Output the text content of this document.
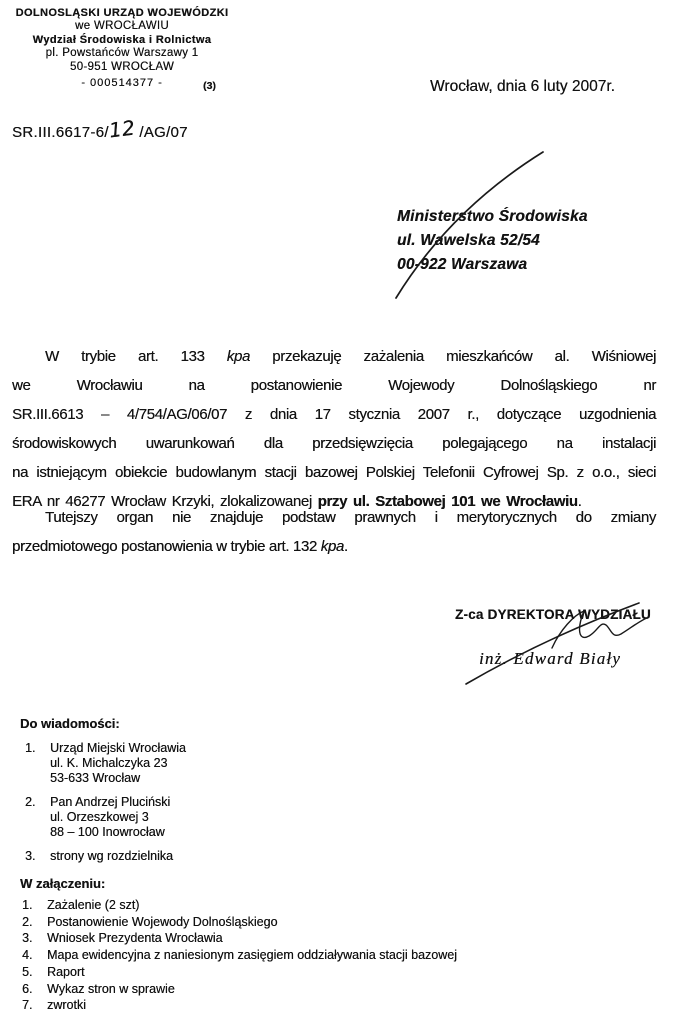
DOLNOSLĄSKI URZĄD WOJEWÓDZKI
we WROCŁAWIU
Wydział Środowiska i Rolnictwa
pl. Powstańców Warszawy 1
50-951 WROCŁAW
- 000514377 -	(3)	Wrocław, dnia 6 luty 2007r.
SR.III.6617-6/12 /AG/07
Ministerstwo Środowiska
ul. Wawelska 52/54
00-922 Warszawa
W trybie art. 133 kpa przekazuję zażalenia mieszkańców al. Wiśniowej
we Wrocławiu na postanowienie Wojewody Dolnośląskiego nr
SR.III.6613 – 4/754/AG/06/07 z dnia 17 stycznia 2007 r., dotyczące uzgodnienia
środowiskowych uwarunkowań dla przedsięwzięcia polegającego na instalacji
na istniejącym obiekcie budowlanym stacji bazowej Polskiej Telefonii Cyfrowej Sp. z o.o., sieci
ERA nr 46277 Wrocław Krzyki, zlokalizowanej przy ul. Sztabowej 101 we Wrocławiu.
Tutejszy organ nie znajduje podstaw prawnych i merytorycznych do zmiany
przedmiotowego postanowienia w trybie art. 132 kpa.
Z-ca DYREKTORA WYDZIAŁU
inż. Edward Biały
Do wiadomości:
1.	Urząd Miejski Wrocławia
ul. K. Michalczyka 23
53-633 Wrocław
2.	Pan Andrzej Pluciński
ul. Orzeszkowej 3
88 – 100 Inowrocław
3.	strony wg rozdzielnika
W załączeniu:
1.	Zażalenie (2 szt)
2.	Postanowienie Wojewody Dolnośląskiego
3.	Wniosek Prezydenta Wrocławia
4.	Mapa ewidencyjna z naniesionym zasięgiem oddziaływania stacji bazowej
5.	Raport
6.	Wykaz stron w sprawie
7.	zwrotki
